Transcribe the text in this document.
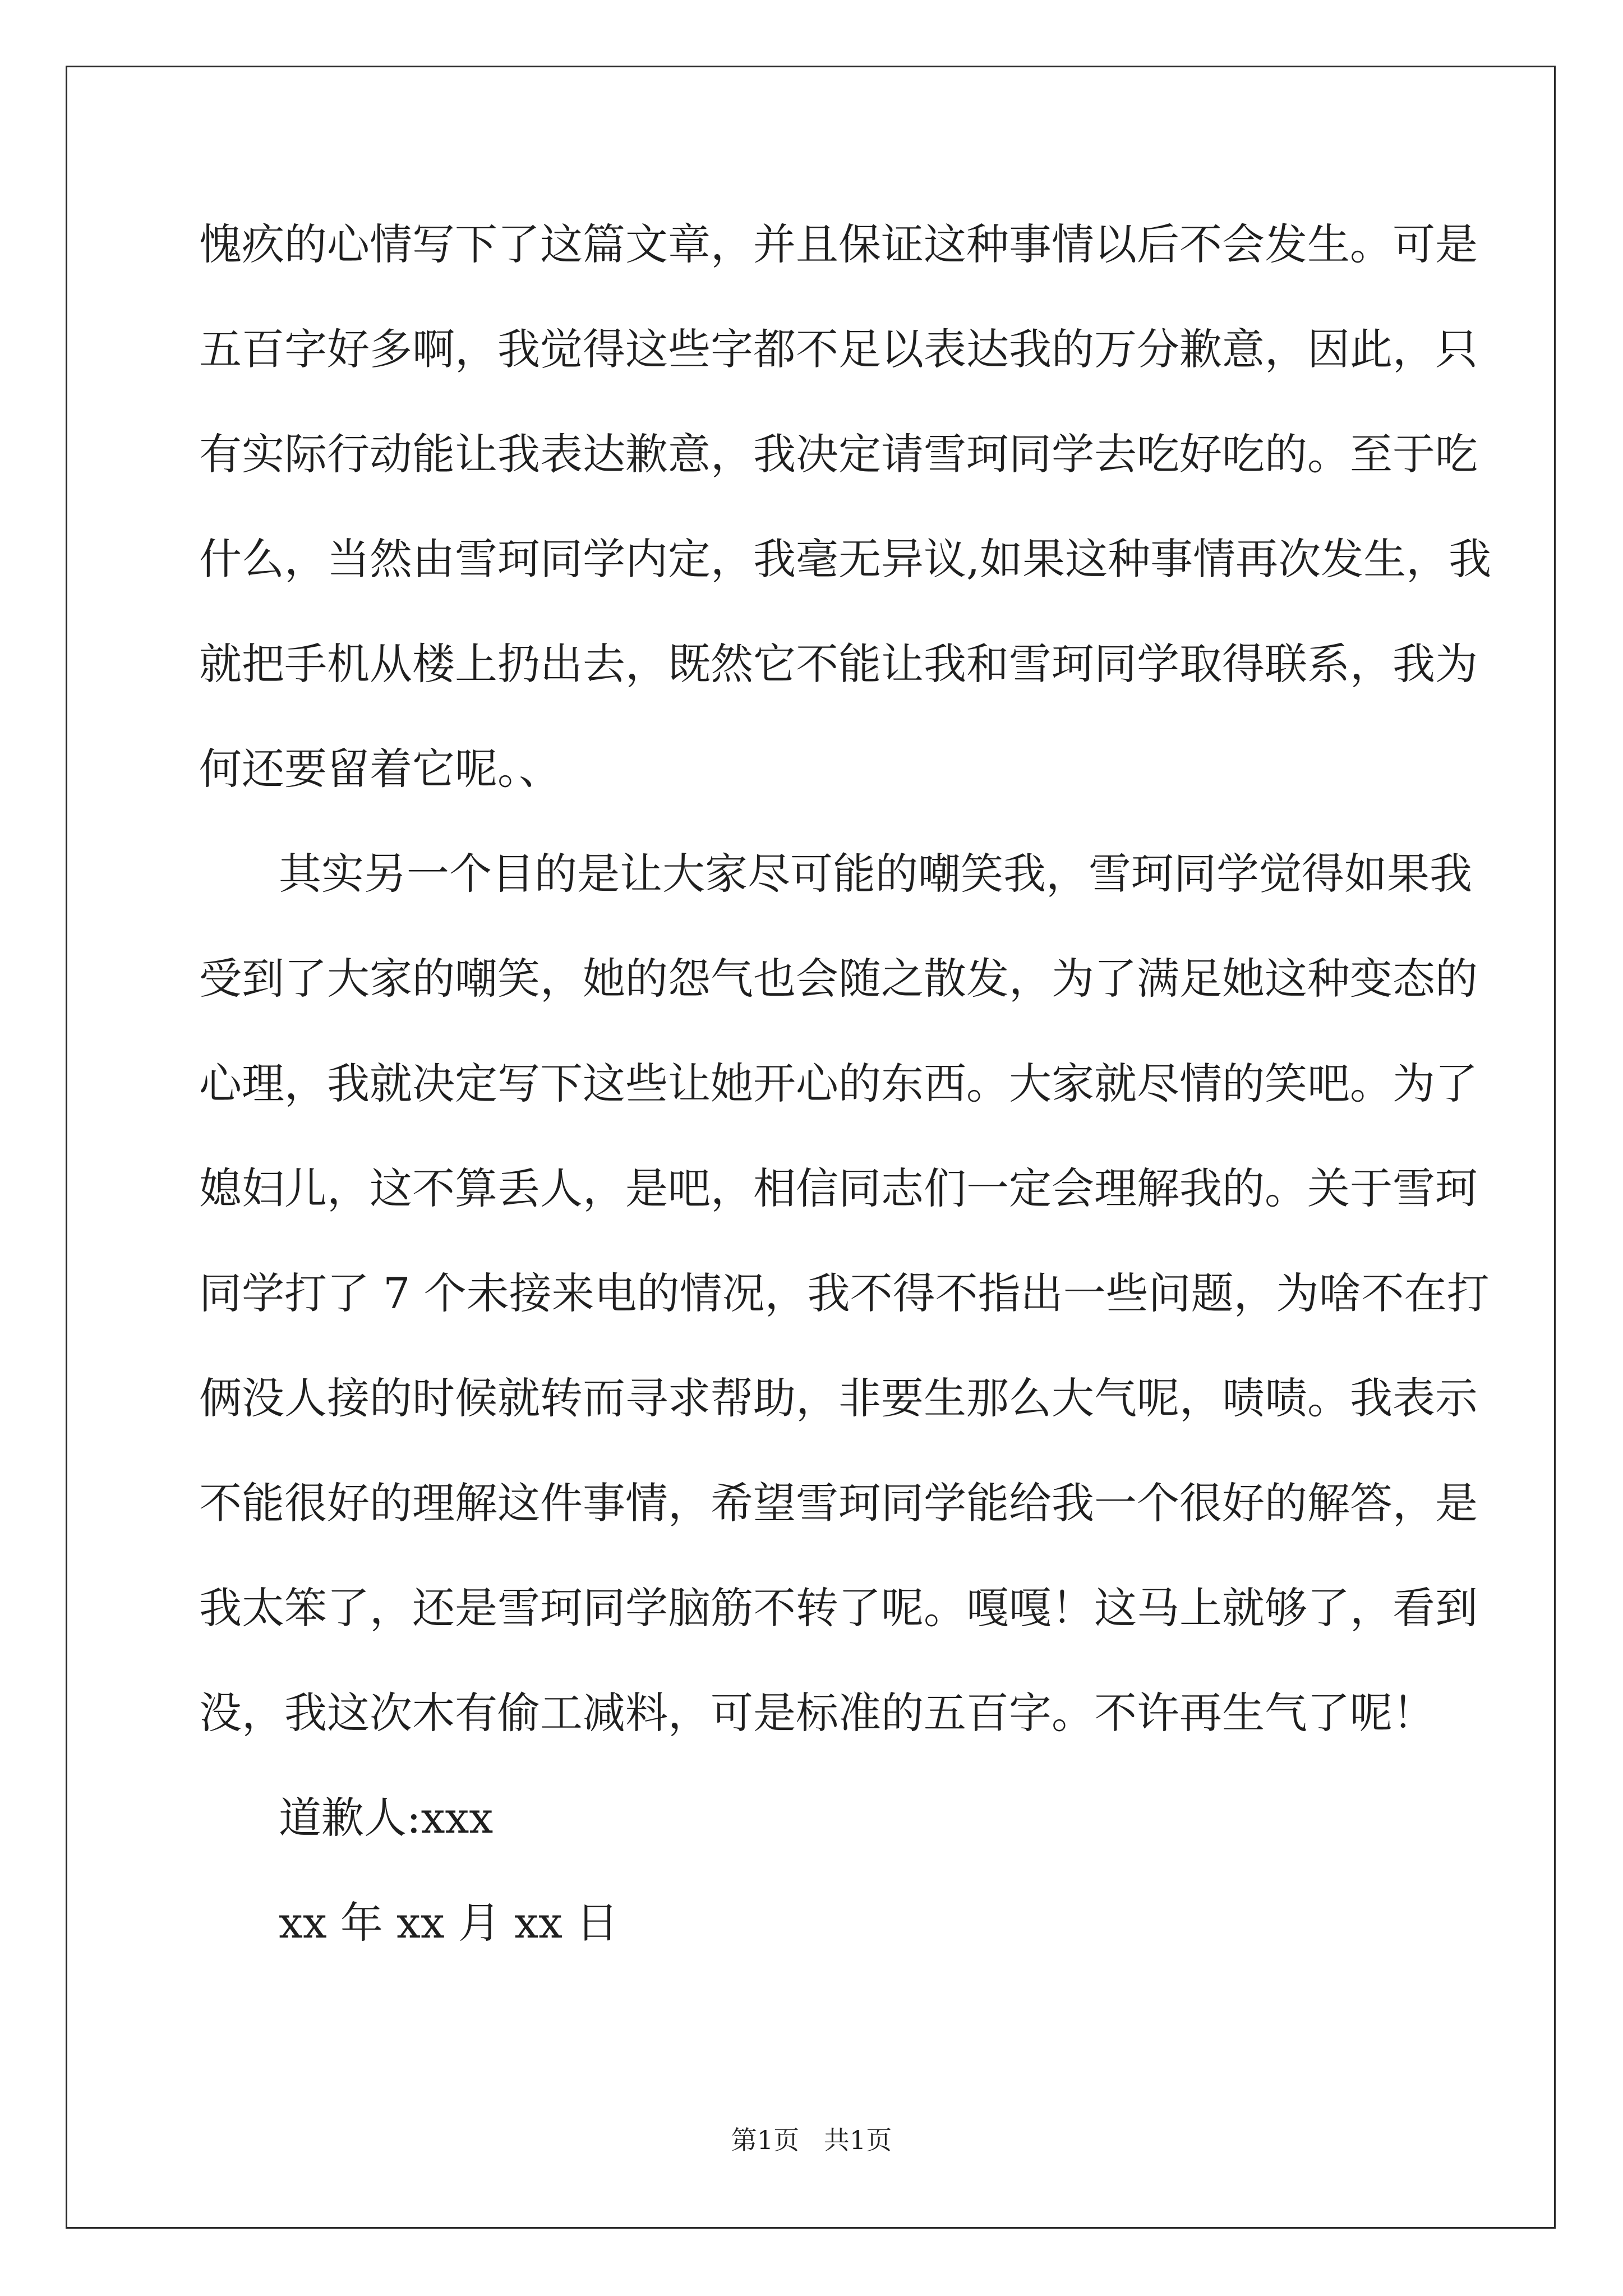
愧疚的心情写下了这篇文章，并且保证这种事情以后不会发生。可是
五百字好多啊，我觉得这些字都不足以表达我的万分歉意，因此，只
有实际行动能让我表达歉意，我决定请雪珂同学去吃好吃的。至于吃
什么，当然由雪珂同学内定，我毫无异议,如果这种事情再次发生，我
就把手机从楼上扔出去，既然它不能让我和雪珂同学取得联系，我为
何还要留着它呢。、
其实另一个目的是让大家尽可能的嘲笑我，雪珂同学觉得如果我
受到了大家的嘲笑，她的怨气也会随之散发，为了满足她这种变态的
心理，我就决定写下这些让她开心的东西。大家就尽情的笑吧。为了
媳妇儿，这不算丢人，是吧，相信同志们一定会理解我的。关于雪珂
同学打了 7 个未接来电的情况，我不得不指出一些问题，为啥不在打
俩没人接的时候就转而寻求帮助，非要生那么大气呢，啧啧。我表示
不能很好的理解这件事情，希望雪珂同学能给我一个很好的解答，是
我太笨了，还是雪珂同学脑筋不转了呢。嘎嘎！这马上就够了，看到
没，我这次木有偷工减料，可是标准的五百字。不许再生气了呢！
道歉人:xxx
xx 年 xx 月 xx 日
第1页   共1页
